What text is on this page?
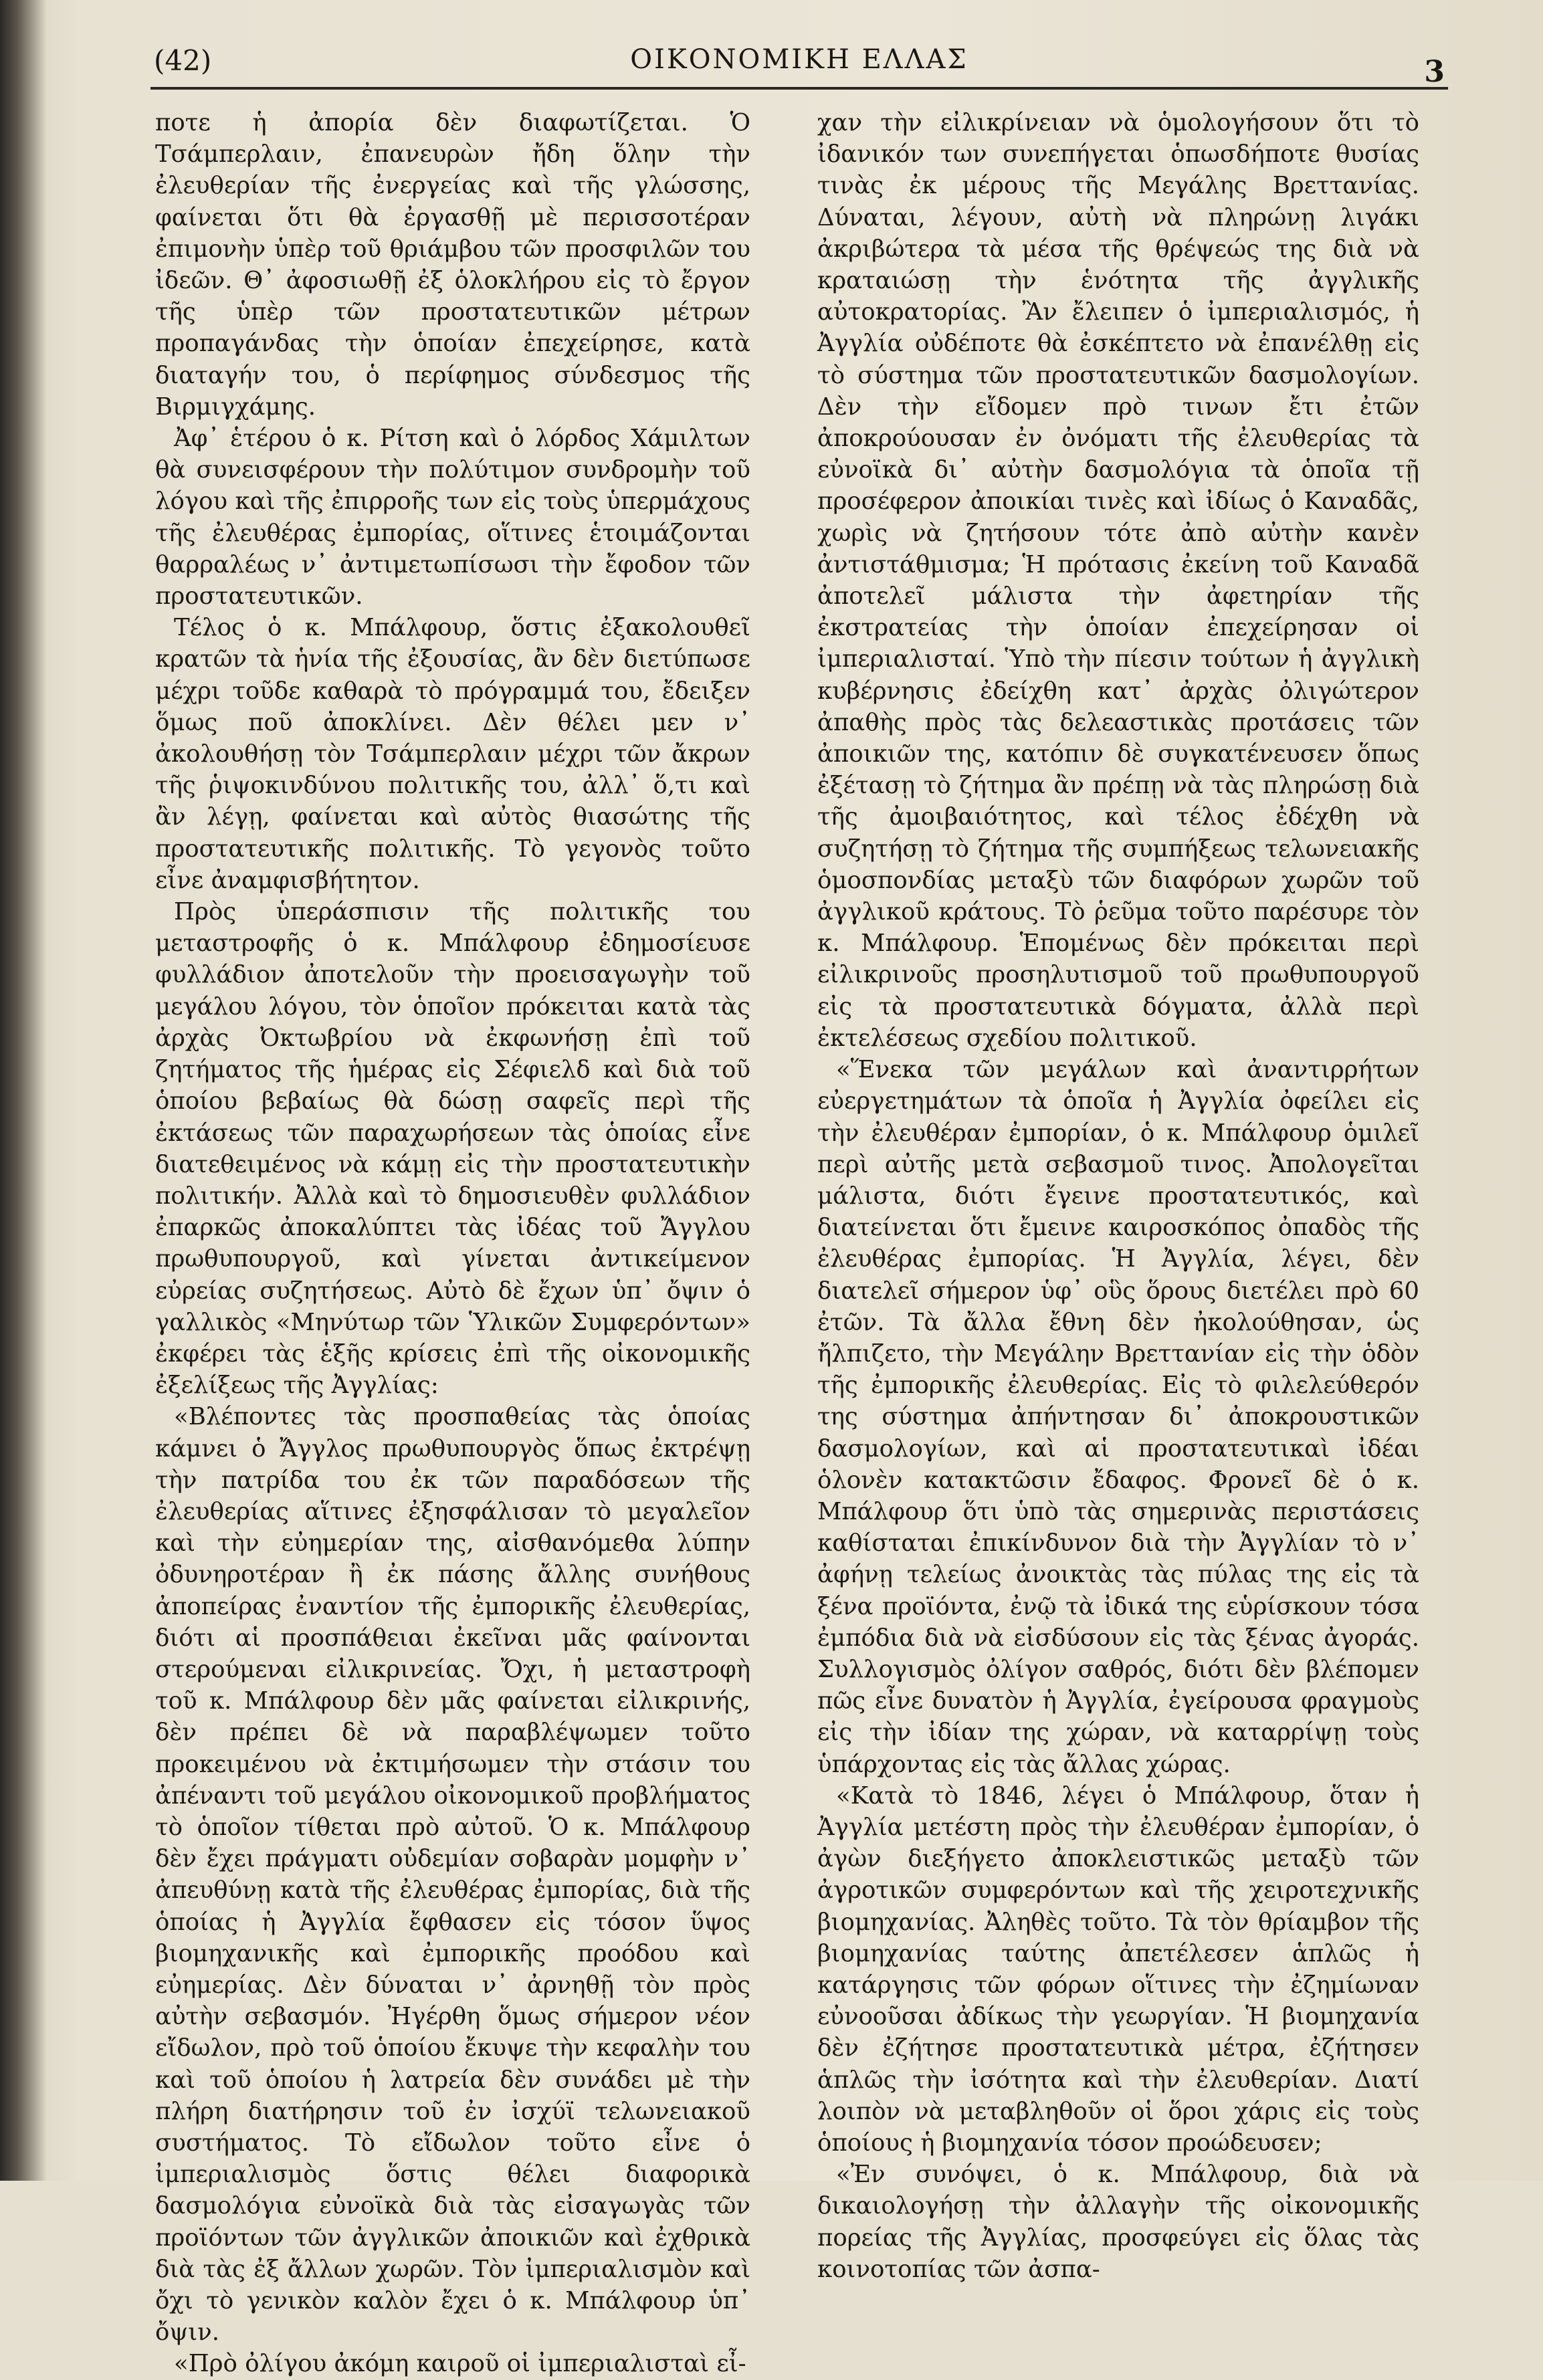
(42)	ΟΙΚΟΝΟΜΙΚΗ ΕΛΛΑΣ	3

ποτε ἡ ἀπορία δὲν διαφωτίζεται. Ὁ Τσάμπερλαιν, ἐπανευρὼν ἤδη ὅλην τὴν ἐλευθερίαν τῆς ἐνεργείας καὶ τῆς γλώσσης, φαίνεται ὅτι θὰ ἐργασθῇ μὲ περισσοτέραν ἐπιμονὴν ὑπὲρ τοῦ θριάμβου τῶν προσφιλῶν του ἰδεῶν. Θ᾽ ἀφοσιωθῇ ἐξ ὁλοκλήρου εἰς τὸ ἔργον τῆς ὑπὲρ τῶν προστατευτικῶν μέτρων προπαγάνδας τὴν ὁποίαν ἐπεχείρησε, κατὰ διαταγήν του, ὁ περίφημος σύνδεσμος τῆς Βιρμιγχάμης.

Ἀφ᾽ ἑτέρου ὁ κ. Ρίτση καὶ ὁ λόρδος Χάμιλτων θὰ συνεισφέρουν τὴν πολύτιμον συνδρομὴν τοῦ λόγου καὶ τῆς ἐπιρροῆς των εἰς τοὺς ὑπερμάχους τῆς ἐλευθέρας ἐμπορίας, οἵτινες ἑτοιμάζονται θαρραλέως ν᾽ ἀντιμετωπίσωσι τὴν ἔφοδον τῶν προστατευτικῶν.

Τέλος ὁ κ. Μπάλφουρ, ὅστις ἐξακολουθεῖ κρατῶν τὰ ἡνία τῆς ἐξουσίας, ἂν δὲν διετύπωσε μέχρι τοῦδε καθαρὰ τὸ πρόγραμμά του, ἔδειξεν ὅμως ποῦ ἀποκλίνει. Δὲν θέλει μεν ν᾽ ἀκολουθήσῃ τὸν Τσάμπερλαιν μέχρι τῶν ἄκρων τῆς ῥιψοκινδύνου πολιτικῆς του, ἀλλ᾽ ὅ,τι καὶ ἂν λέγῃ, φαίνεται καὶ αὐτὸς θιασώτης τῆς προστατευτικῆς πολιτικῆς. Τὸ γεγονὸς τοῦτο εἶνε ἀναμφισβήτητον.

Πρὸς ὑπεράσπισιν τῆς πολιτικῆς του μεταστροφῆς ὁ κ. Μπάλφουρ ἐδημοσίευσε φυλλάδιον ἀποτελοῦν τὴν προεισαγωγὴν τοῦ μεγάλου λόγου, τὸν ὁποῖον πρόκειται κατὰ τὰς ἀρχὰς Ὀκτωβρίου νὰ ἐκφωνήσῃ ἐπὶ τοῦ ζητήματος τῆς ἡμέρας εἰς Σέφιελδ καὶ διὰ τοῦ ὁποίου βεβαίως θὰ δώσῃ σαφεῖς περὶ τῆς ἐκτάσεως τῶν παραχωρήσεων τὰς ὁποίας εἶνε διατεθειμένος νὰ κάμῃ εἰς τὴν προστατευτικὴν πολιτικήν. Ἀλλὰ καὶ τὸ δημοσιευθὲν φυλλάδιον ἐπαρκῶς ἀποκαλύπτει τὰς ἰδέας τοῦ Ἄγγλου πρωθυπουργοῦ, καὶ γίνεται ἀντικείμενον εὐρείας συζητήσεως. Αὐτὸ δὲ ἔχων ὑπ᾽ ὄψιν ὁ γαλλικὸς «Μηνύτωρ τῶν Ὑλικῶν Συμφερόντων» ἐκφέρει τὰς ἑξῆς κρίσεις ἐπὶ τῆς οἰκονομικῆς ἐξελίξεως τῆς Ἀγγλίας:

«Βλέποντες τὰς προσπαθείας τὰς ὁποίας κάμνει ὁ Ἄγγλος πρωθυπουργὸς ὅπως ἐκτρέψῃ τὴν πατρίδα του ἐκ τῶν παραδόσεων τῆς ἐλευθερίας αἵτινες ἐξησφάλισαν τὸ μεγαλεῖον καὶ τὴν εὐημερίαν της, αἰσθανόμεθα λύπην ὀδυνηροτέραν ἢ ἐκ πάσης ἄλλης συνήθους ἀποπείρας ἐναντίον τῆς ἐμπορικῆς ἐλευθερίας, διότι αἱ προσπάθειαι ἐκεῖναι μᾶς φαίνονται στερούμεναι εἰλικρινείας. Ὄχι, ἡ μεταστροφὴ τοῦ κ. Μπάλφουρ δὲν μᾶς φαίνεται εἰλικρινής, δὲν πρέπει δὲ νὰ παραβλέψωμεν τοῦτο προκειμένου νὰ ἐκτιμήσωμεν τὴν στάσιν του ἀπέναντι τοῦ μεγάλου οἰκονομικοῦ προβλήματος τὸ ὁποῖον τίθεται πρὸ αὐτοῦ. Ὁ κ. Μπάλφουρ δὲν ἔχει πράγματι οὐδεμίαν σοβαρὰν μομφὴν ν᾽ ἀπευθύνῃ κατὰ τῆς ἐλευθέρας ἐμπορίας, διὰ τῆς ὁποίας ἡ Ἀγγλία ἔφθασεν εἰς τόσον ὕψος βιομηχανικῆς καὶ ἐμπορικῆς προόδου καὶ εὐημερίας. Δὲν δύναται ν᾽ ἀρνηθῇ τὸν πρὸς αὐτὴν σεβασμόν. Ἠγέρθη ὅμως σήμερον νέον εἴδωλον, πρὸ τοῦ ὁποίου ἔκυψε τὴν κεφαλὴν του καὶ τοῦ ὁποίου ἡ λατρεία δὲν συνάδει μὲ τὴν πλήρη διατήρησιν τοῦ ἐν ἰσχύϊ τελωνειακοῦ συστήματος. Τὸ εἴδωλον τοῦτο εἶνε ὁ ἰμπεριαλισμὸς ὅστις θέλει διαφορικὰ δασμολόγια εὐνοϊκὰ διὰ τὰς εἰσαγωγὰς τῶν προϊόντων τῶν ἀγγλικῶν ἀποικιῶν καὶ ἐχθρικὰ διὰ τὰς ἐξ ἄλλων χωρῶν. Τὸν ἰμπεριαλισμὸν καὶ ὄχι τὸ γενικὸν καλὸν ἔχει ὁ κ. Μπάλφουρ ὑπ᾽ ὄψιν.

«Πρὸ ὀλίγου ἀκόμη καιροῦ οἱ ἰμπεριαλισταὶ εἶ-

χαν τὴν εἰλικρίνειαν νὰ ὁμολογήσουν ὅτι τὸ ἰδανικόν των συνεπήγεται ὁπωσδήποτε θυσίας τινὰς ἐκ μέρους τῆς Μεγάλης Βρεττανίας. Δύναται, λέγουν, αὐτὴ νὰ πληρώνῃ λιγάκι ἀκριβώτερα τὰ μέσα τῆς θρέψεώς της διὰ νὰ κραταιώσῃ τὴν ἑνότητα τῆς ἀγγλικῆς αὐτοκρατορίας. Ἂν ἔλειπεν ὁ ἰμπεριαλισμός, ἡ Ἀγγλία οὐδέποτε θὰ ἐσκέπτετο νὰ ἐπανέλθῃ εἰς τὸ σύστημα τῶν προστατευτικῶν δασμολογίων. Δὲν τὴν εἴδομεν πρὸ τινων ἔτι ἐτῶν ἀποκρούουσαν ἐν ὀνόματι τῆς ἐλευθερίας τὰ εὐνοϊκὰ δι᾽ αὐτὴν δασμολόγια τὰ ὁποῖα τῇ προσέφερον ἀποικίαι τινὲς καὶ ἰδίως ὁ Καναδᾶς, χωρὶς νὰ ζητήσουν τότε ἀπὸ αὐτὴν κανὲν ἀντιστάθμισμα; Ἡ πρότασις ἐκείνη τοῦ Καναδᾶ ἀποτελεῖ μάλιστα τὴν ἀφετηρίαν τῆς ἐκστρατείας τὴν ὁποίαν ἐπεχείρησαν οἱ ἰμπεριαλισταί. Ὑπὸ τὴν πίεσιν τούτων ἡ ἀγγλικὴ κυβέρνησις ἐδείχθη κατ᾽ ἀρχὰς ὀλιγώτερον ἀπαθὴς πρὸς τὰς δελεαστικὰς προτάσεις τῶν ἀποικιῶν της, κατόπιν δὲ συγκατένευσεν ὅπως ἐξέτασῃ τὸ ζήτημα ἂν πρέπῃ νὰ τὰς πληρώσῃ διὰ τῆς ἀμοιβαιότητος, καὶ τέλος ἐδέχθη νὰ συζητήσῃ τὸ ζήτημα τῆς συμπήξεως τελωνειακῆς ὁμοσπονδίας μεταξὺ τῶν διαφόρων χωρῶν τοῦ ἀγγλικοῦ κράτους. Τὸ ῥεῦμα τοῦτο παρέσυρε τὸν κ. Μπάλφουρ. Ἑπομένως δὲν πρόκειται περὶ εἰλικρινοῦς προσηλυτισμοῦ τοῦ πρωθυπουργοῦ εἰς τὰ προστατευτικὰ δόγματα, ἀλλὰ περὶ ἐκτελέσεως σχεδίου πολιτικοῦ.

«Ἕνεκα τῶν μεγάλων καὶ ἀναντιρρήτων εὐεργετημάτων τὰ ὁποῖα ἡ Ἀγγλία ὀφείλει εἰς τὴν ἐλευθέραν ἐμπορίαν, ὁ κ. Μπάλφουρ ὁμιλεῖ περὶ αὐτῆς μετὰ σεβασμοῦ τινος. Ἀπολογεῖται μάλιστα, διότι ἔγεινε προστατευτικός, καὶ διατείνεται ὅτι ἔμεινε καιροσκόπος ὀπαδὸς τῆς ἐλευθέρας ἐμπορίας. Ἡ Ἀγγλία, λέγει, δὲν διατελεῖ σήμερον ὑφ᾽ οὓς ὅρους διετέλει πρὸ 60 ἐτῶν. Τὰ ἄλλα ἔθνη δὲν ἠκολούθησαν, ὡς ἤλπιζετο, τὴν Μεγάλην Βρεττανίαν εἰς τὴν ὁδὸν τῆς ἐμπορικῆς ἐλευθερίας. Εἰς τὸ φιλελεύθερόν της σύστημα ἀπήντησαν δι᾽ ἀποκρουστικῶν δασμολογίων, καὶ αἱ προστατευτικαὶ ἰδέαι ὁλονὲν κατακτῶσιν ἔδαφος. Φρονεῖ δὲ ὁ κ. Μπάλφουρ ὅτι ὑπὸ τὰς σημερινὰς περιστάσεις καθίσταται ἐπικίνδυνον διὰ τὴν Ἀγγλίαν τὸ ν᾽ ἀφήνῃ τελείως ἀνοικτὰς τὰς πύλας της εἰς τὰ ξένα προϊόντα, ἐνῷ τὰ ἰδικά της εὑρίσκουν τόσα ἐμπόδια διὰ νὰ εἰσδύσουν εἰς τὰς ξένας ἀγοράς. Συλλογισμὸς ὀλίγον σαθρός, διότι δὲν βλέπομεν πῶς εἶνε δυνατὸν ἡ Ἀγγλία, ἐγείρουσα φραγμοὺς εἰς τὴν ἰδίαν της χώραν, νὰ καταρρίψῃ τοὺς ὑπάρχοντας εἰς τὰς ἄλλας χώρας.

«Κατὰ τὸ 1846, λέγει ὁ Μπάλφουρ, ὅταν ἡ Ἀγγλία μετέστη πρὸς τὴν ἐλευθέραν ἐμπορίαν, ὁ ἀγὼν διεξήγετο ἀποκλειστικῶς μεταξὺ τῶν ἀγροτικῶν συμφερόντων καὶ τῆς χειροτεχνικῆς βιομηχανίας. Ἀληθὲς τοῦτο. Τὰ τὸν θρίαμβον τῆς βιομηχανίας ταύτης ἀπετέλεσεν ἁπλῶς ἡ κατάργησις τῶν φόρων οἵτινες τὴν ἐζημίωναν εὐνοοῦσαι ἀδίκως τὴν γεωργίαν. Ἡ βιομηχανία δὲν ἐζήτησε προστατευτικὰ μέτρα, ἐζήτησεν ἁπλῶς τὴν ἰσότητα καὶ τὴν ἐλευθερίαν. Διατί λοιπὸν νὰ μεταβληθοῦν οἱ ὅροι χάρις εἰς τοὺς ὁποίους ἡ βιομηχανία τόσον προώδευσεν;

«Ἐν συνόψει, ὁ κ. Μπάλφουρ, διὰ νὰ δικαιολογήσῃ τὴν ἀλλαγὴν τῆς οἰκονομικῆς πορείας τῆς Ἀγγλίας, προσφεύγει εἰς ὅλας τὰς κοινοτοπίας τῶν ἀσπα-
